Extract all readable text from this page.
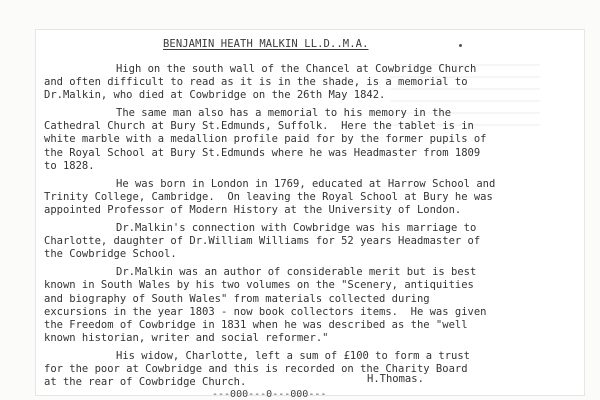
BENJAMIN HEATH MALKIN LL.D..M.A.

High on the south wall of the Chancel at Cowbridge Church
and often difficult to read as it is in the shade, is a memorial to
Dr.Malkin, who died at Cowbridge on the 26th May 1842.

The same man also has a memorial to his memory in the
Cathedral Church at Bury St.Edmunds, Suffolk.  Here the tablet is in
white marble with a medallion profile paid for by the former pupils of
the Royal School at Bury St.Edmunds where he was Headmaster from 1809
to 1828.

He was born in London in 1769, educated at Harrow School and
Trinity College, Cambridge.  On leaving the Royal School at Bury he was
appointed Professor of Modern History at the University of London.

Dr.Malkin's connection with Cowbridge was his marriage to
Charlotte, daughter of Dr.William Williams for 52 years Headmaster of
the Cowbridge School.

Dr.Malkin was an author of considerable merit but is best
known in South Wales by his two volumes on the "Scenery, antiquities
and biography of South Wales" from materials collected during
excursions in the year 1803 - now book collectors items.  He was given
the Freedom of Cowbridge in 1831 when he was described as the "well
known historian, writer and social reformer."

His widow, Charlotte, left a sum of £100 to form a trust
for the poor at Cowbridge and this is recorded on the Charity Board
at the rear of Cowbridge Church.	H.Thomas.
---000---0---000---
